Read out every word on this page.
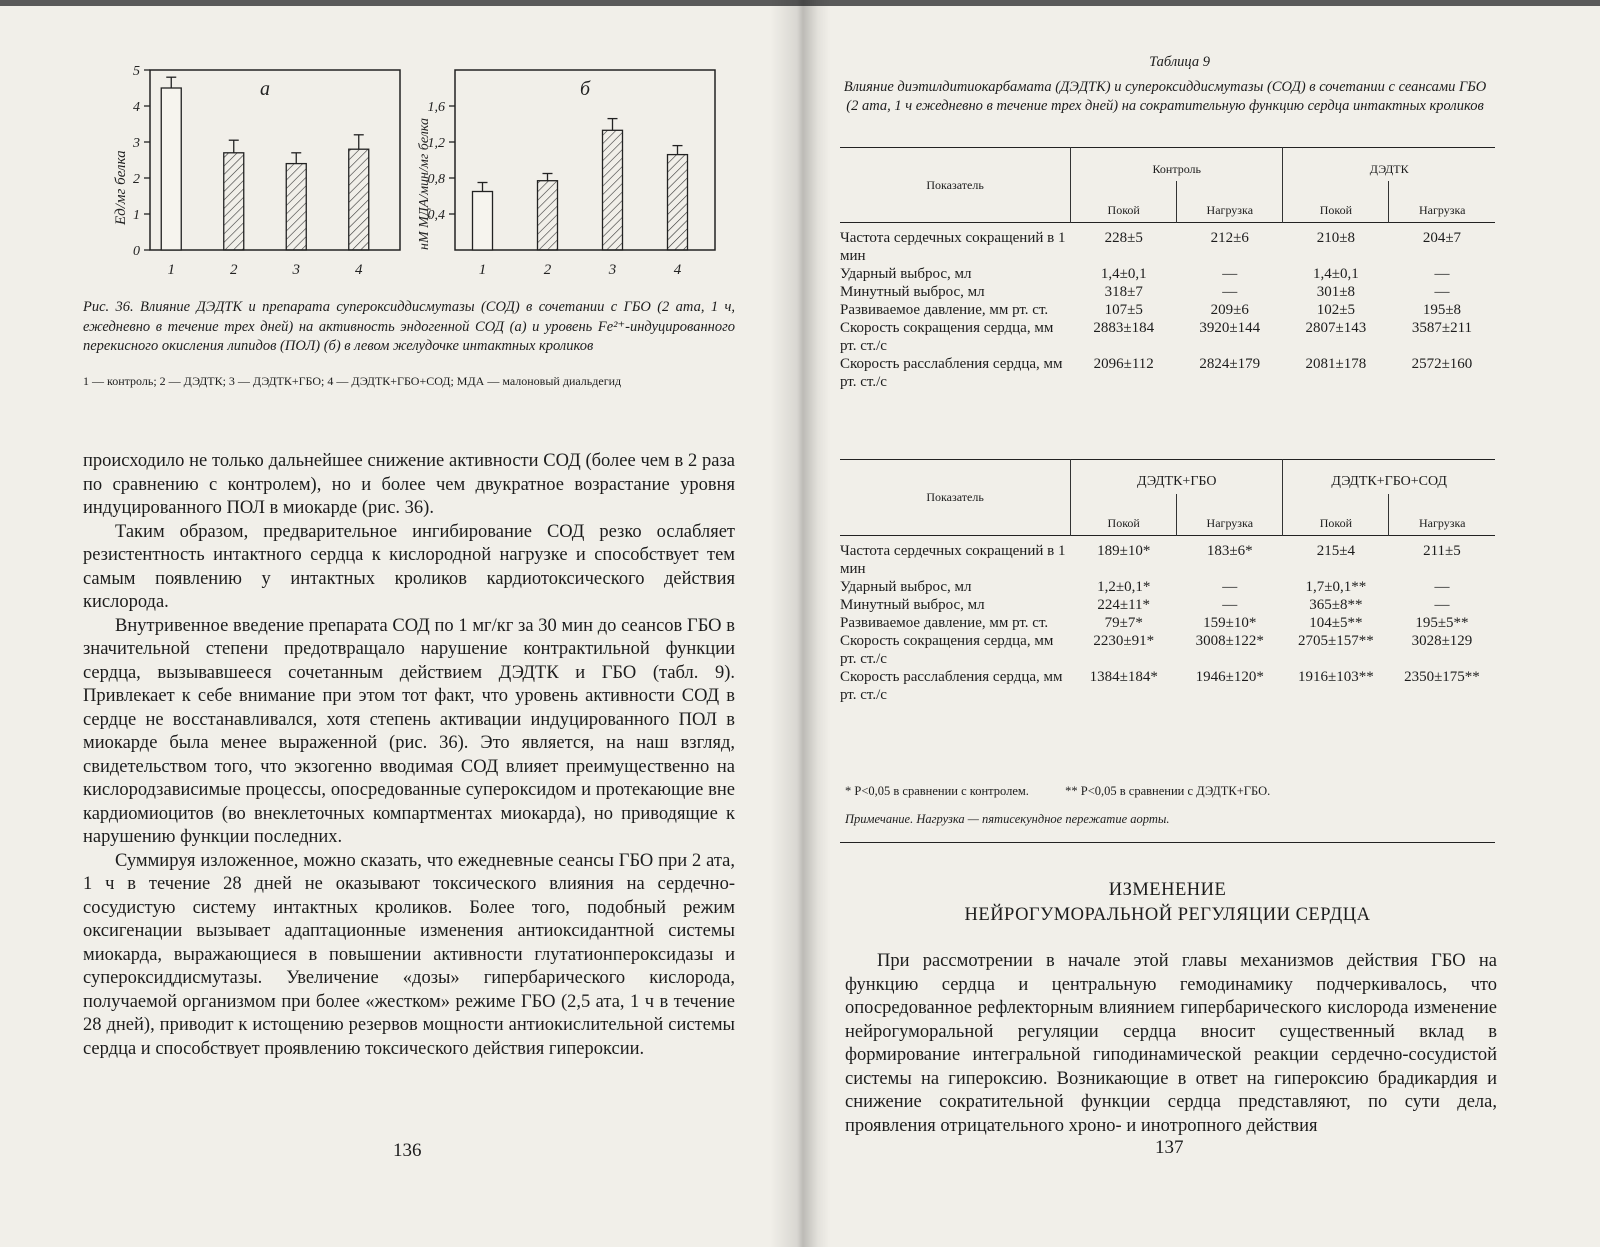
а	б
Ед/мг белка	нМ МДА/мин/мг белка
0
1
2
3
4
5
1	2	3	4
0,4
0,8
1,2
1,6
1	2	3	4
Рис. 36. Влияние ДЭДТК и препарата супероксиддисмутазы (СОД) в сочетании с ГБО (2 ата, 1 ч, ежедневно в течение трех дней) на активность эндогенной СОД (а) и уровень Fe²⁺-индуцированного перекисного окисления липидов (ПОЛ) (б) в левом желудочке интактных кроликов
1 — контроль; 2 — ДЭДТК; 3 — ДЭДТК+ГБО; 4 — ДЭДТК+ГБО+СОД; МДА — малоновый диальдегид

происходило не только дальнейшее снижение активности СОД (более чем в 2 раза по сравнению с контролем), но и более чем двукратное возрастание уровня индуцированного ПОЛ в миокарде (рис. 36).

Таким образом, предварительное ингибирование СОД резко ослабляет резистентность интактного сердца к кислородной нагрузке и способствует тем самым появлению у интактных кроликов кардиотоксического действия кислорода.

Внутривенное введение препарата СОД по 1 мг/кг за 30 мин до сеансов ГБО в значительной степени предотвращало нарушение контрактильной функции сердца, вызывавшееся сочетанным действием ДЭДТК и ГБО (табл. 9). Привлекает к себе внимание при этом тот факт, что уровень активности СОД в сердце не восстанавливался, хотя степень активации индуцированного ПОЛ в миокарде была менее выраженной (рис. 36). Это является, на наш взгляд, свидетельством того, что экзогенно вводимая СОД влияет преимущественно на кислородзависимые процессы, опосредованные супероксидом и протекающие вне кардиомиоцитов (во внеклеточных компартментах миокарда), но приводящие к нарушению функции последних.

Суммируя изложенное, можно сказать, что ежедневные сеансы ГБО при 2 ата, 1 ч в течение 28 дней не оказывают токсического влияния на сердечно-сосудистую систему интактных кроликов. Более того, подобный режим оксигенации вызывает адаптационные изменения антиоксидантной системы миокарда, выражающиеся в повышении активности глутатионпероксидазы и супероксиддисмутазы. Увеличение «дозы» гипербарического кислорода, получаемой организмом при более «жестком» режиме ГБО (2,5 ата, 1 ч в течение 28 дней), приводит к истощению резервов мощности антиокислительной системы сердца и способствует проявлению токсического действия гипероксии.

136
Таблица 9
Влияние диэтилдитиокарбамата (ДЭДТК) и супероксиддисмутазы (СОД) в сочетании с сеансами ГБО (2 ата, 1 ч ежедневно в течение трех дней) на сократительную функцию сердца интактных кроликов
Показатель	Контроль		ДЭДТК	
	Покой	Нагрузка	Покой	Нагрузка
Частота сердечных сокращений в 1 мин	228±5	212±6	210±8	204±7
Ударный выброс, мл	1,4±0,1	—	1,4±0,1	—
Минутный выброс, мл	318±7	—	301±8	—
Развиваемое давление, мм рт. ст.	107±5	209±6	102±5	195±8
Скорость сокращения сердца, мм рт. ст./с	2883±184	3920±144	2807±143	3587±211
Скорость расслабления сердца, мм рт. ст./с	2096±112	2824±179	2081±178	2572±160
Показатель	ДЭДТК+ГБО		ДЭДТК+ГБО+СОД	
	Покой	Нагрузка	Покой	Нагрузка
Частота сердечных сокращений в 1 мин	189±10*	183±6*	215±4	211±5
Ударный выброс, мл	1,2±0,1*	—	1,7±0,1**	—
Минутный выброс, мл	224±11*	—	365±8**	—
Развиваемое давление, мм рт. ст.	79±7*	159±10*	104±5**	195±5**
Скорость сокращения сердца, мм рт. ст./с	2230±91*	3008±122*	2705±157**	3028±129
Скорость расслабления сердца, мм рт. ст./с	1384±184*	1946±120*	1916±103**	2350±175**
* P<0,05 в сравнении с контролем.	** P<0,05 в сравнении с ДЭДТК+ГБО.
Примечание. Нагрузка — пятисекундное пережатие аорты.
ИЗМЕНЕНИЕ
НЕЙРОГУМОРАЛЬНОЙ РЕГУЛЯЦИИ СЕРДЦА

При рассмотрении в начале этой главы механизмов действия ГБО на функцию сердца и центральную гемодинамику подчеркивалось, что опосредованное рефлекторным влиянием гипербарического кислорода изменение нейрогуморальной регуляции сердца вносит существенный вклад в формирование интегральной гиподинамической реакции сердечно-сосудистой системы на гипероксию. Возникающие в ответ на гипероксию брадикардия и снижение сократительной функции сердца представляют, по сути дела, проявления отрицательного хроно- и инотропного действия

137
